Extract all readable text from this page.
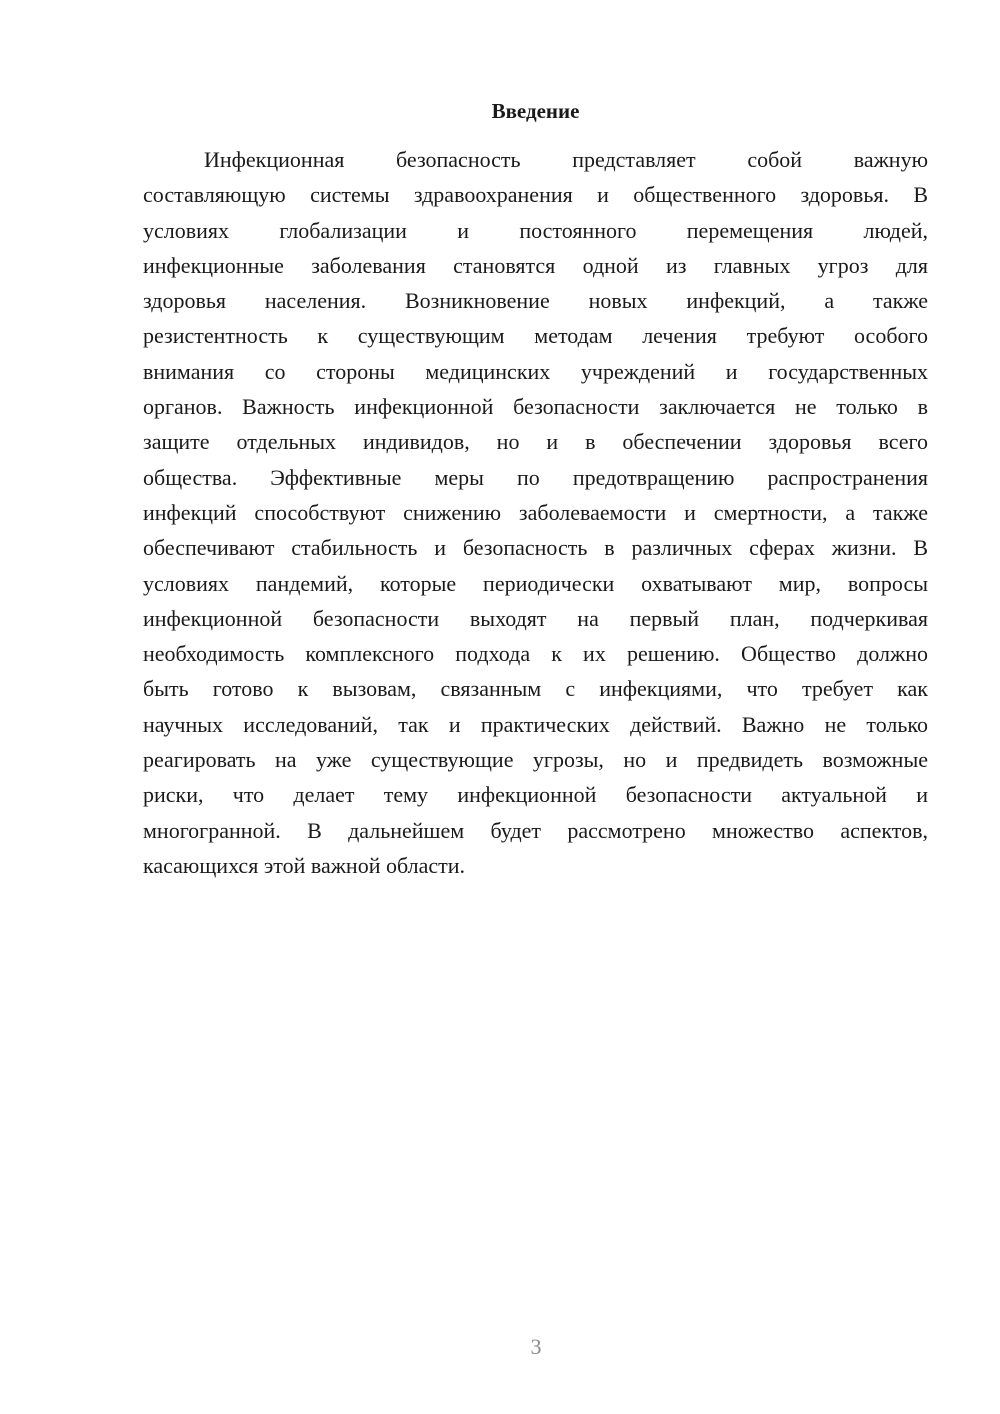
Введение
Инфекционная безопасность представляет собой важную
составляющую системы здравоохранения и общественного здоровья. В
условиях глобализации и постоянного перемещения людей,
инфекционные заболевания становятся одной из главных угроз для
здоровья населения. Возникновение новых инфекций, а также
резистентность к существующим методам лечения требуют особого
внимания со стороны медицинских учреждений и государственных
органов. Важность инфекционной безопасности заключается не только в
защите отдельных индивидов, но и в обеспечении здоровья всего
общества. Эффективные меры по предотвращению распространения
инфекций способствуют снижению заболеваемости и смертности, а также
обеспечивают стабильность и безопасность в различных сферах жизни. В
условиях пандемий, которые периодически охватывают мир, вопросы
инфекционной безопасности выходят на первый план, подчеркивая
необходимость комплексного подхода к их решению. Общество должно
быть готово к вызовам, связанным с инфекциями, что требует как
научных исследований, так и практических действий. Важно не только
реагировать на уже существующие угрозы, но и предвидеть возможные
риски, что делает тему инфекционной безопасности актуальной и
многогранной. В дальнейшем будет рассмотрено множество аспектов,
касающихся этой важной области.
3
